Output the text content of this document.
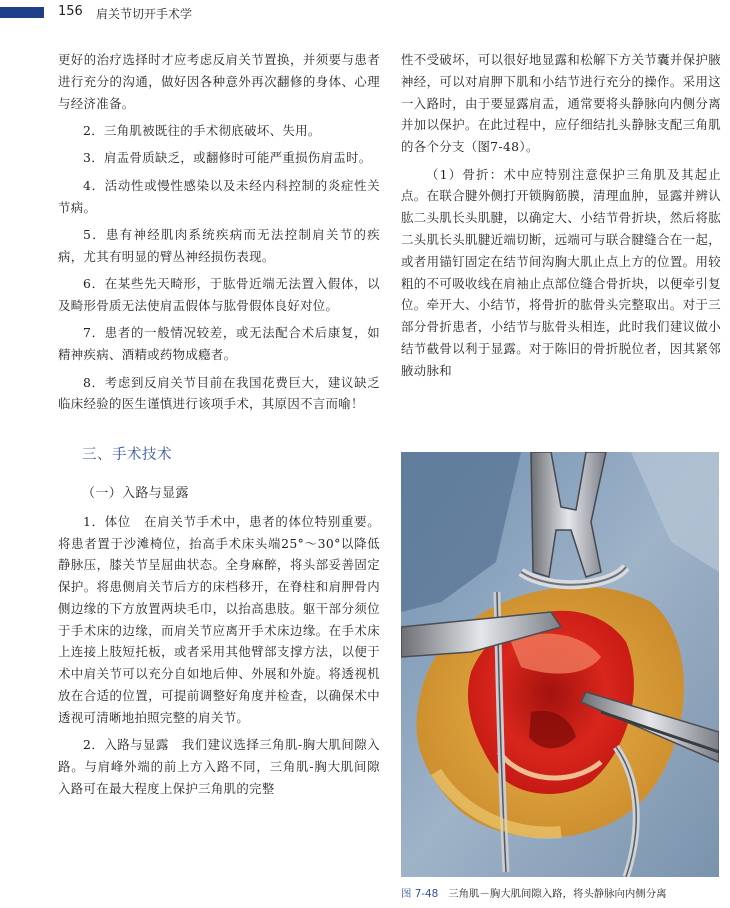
156 肩关节切开手术学

更好的治疗选择时才应考虑反肩关节置换，并须要与患者进行充分的沟通，做好因各种意外再次翻修的身体、心理与经济准备。

2．三角肌被既往的手术彻底破坏、失用。

3．肩盂骨质缺乏，或翻修时可能严重损伤肩盂时。

4．活动性或慢性感染以及未经内科控制的炎症性关节病。

5．患有神经肌肉系统疾病而无法控制肩关节的疾病，尤其有明显的臂丛神经损伤表现。

6．在某些先天畸形，于肱骨近端无法置入假体，以及畸形骨质无法使肩盂假体与肱骨假体良好对位。

7．患者的一般情况较差，或无法配合术后康复，如精神疾病、酒精或药物成瘾者。

8．考虑到反肩关节目前在我国花费巨大，建议缺乏临床经验的医生谨慎进行该项手术，其原因不言而喻！

三、手术技术

（一）入路与显露

1．体位　在肩关节手术中，患者的体位特别重要。将患者置于沙滩椅位，抬高手术床头端25°～30°以降低静脉压，膝关节呈屈曲状态。全身麻醉，将头部妥善固定保护。将患侧肩关节后方的床档移开，在脊柱和肩胛骨内侧边缘的下方放置两块毛巾，以抬高患肢。躯干部分须位于手术床的边缘，而肩关节应离开手术床边缘。在手术床上连接上肢短托板，或者采用其他臂部支撑方法，以便于术中肩关节可以充分自如地后伸、外展和外旋。将透视机放在合适的位置，可提前调整好角度并检查，以确保术中透视可清晰地拍照完整的肩关节。

2．入路与显露　我们建议选择三角肌-胸大肌间隙入路。与肩峰外端的前上方入路不同，三角肌-胸大肌间隙入路可在最大程度上保护三角肌的完整

性不受破坏，可以很好地显露和松解下方关节囊并保护腋神经，可以对肩胛下肌和小结节进行充分的操作。采用这一入路时，由于要显露肩盂，通常要将头静脉向内侧分离并加以保护。在此过程中，应仔细结扎头静脉支配三角肌的各个分支（图7-48）。

（1）骨折：术中应特别注意保护三角肌及其起止点。在联合腱外侧打开锁胸筋膜，清理血肿，显露并辨认肱二头肌长头肌腱，以确定大、小结节骨折块，然后将肱二头肌长头肌腱近端切断，远端可与联合腱缝合在一起，或者用锚钉固定在结节间沟胸大肌止点上方的位置。用较粗的不可吸收线在肩袖止点部位缝合骨折块，以便牵引复位。牵开大、小结节，将骨折的肱骨头完整取出。对于三部分骨折患者，小结节与肱骨头相连，此时我们建议做小结节截骨以利于显露。对于陈旧的骨折脱位者，因其紧邻腋动脉和

图 7-48 三角肌－胸大肌间隙入路，将头静脉向内侧分离
